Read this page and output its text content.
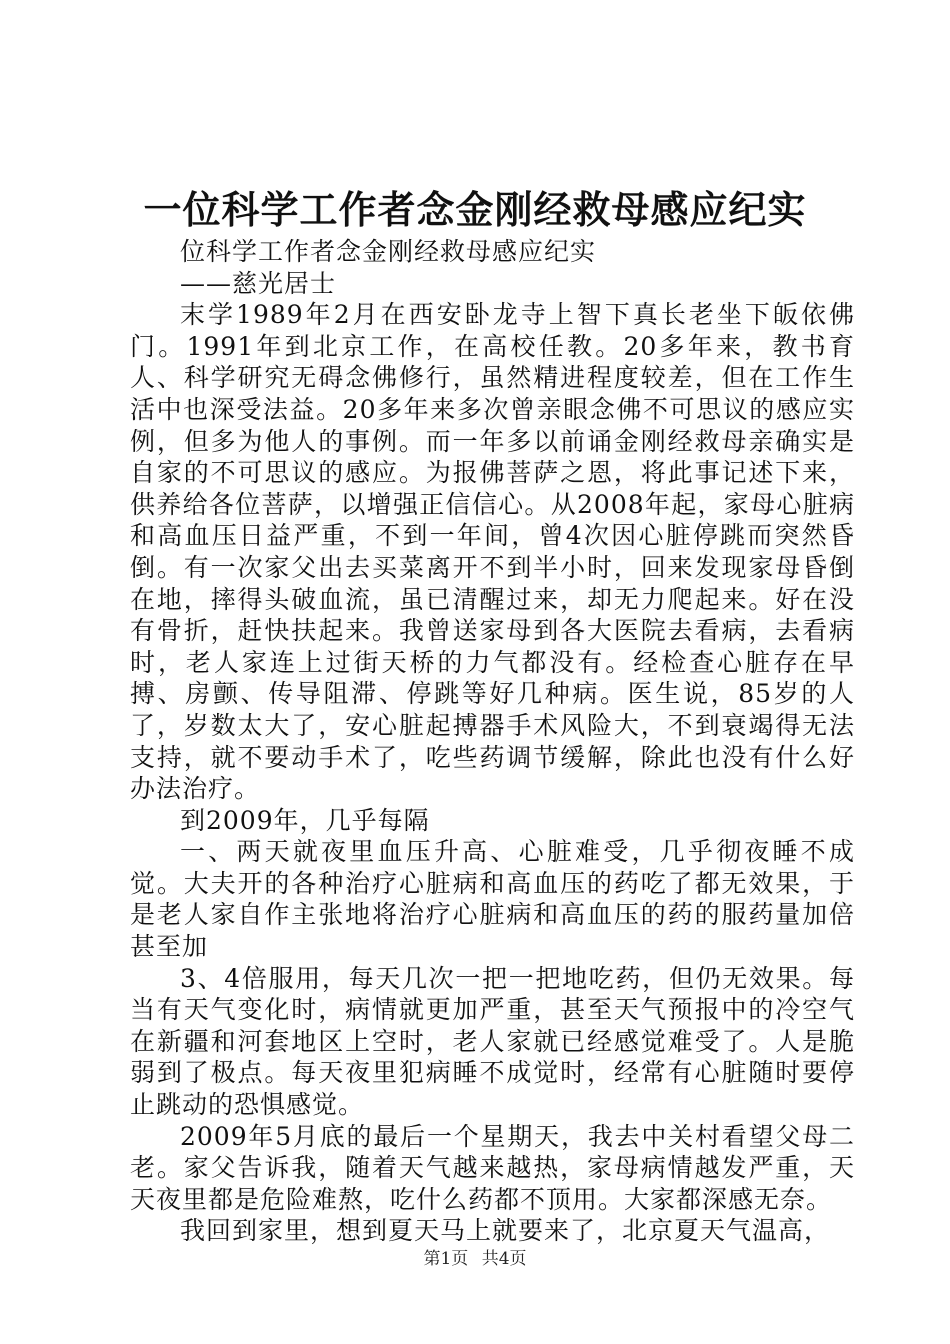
一位科学工作者念金刚经救母感应纪实

位科学工作者念金刚经救母感应纪实

——慈光居士

末学1989年2月在西安卧龙寺上智下真长老坐下皈依佛门。1991年到北京工作，在高校任教。20多年来，教书育人、科学研究无碍念佛修行，虽然精进程度较差，但在工作生活中也深受法益。20多年来多次曾亲眼念佛不可思议的感应实例，但多为他人的事例。而一年多以前诵金刚经救母亲确实是自家的不可思议的感应。为报佛菩萨之恩，将此事记述下来，供养给各位菩萨，以增强正信信心。从2008年起，家母心脏病和高血压日益严重，不到一年间，曾4次因心脏停跳而突然昏倒。有一次家父出去买菜离开不到半小时，回来发现家母昏倒在地，摔得头破血流，虽已清醒过来，却无力爬起来。好在没有骨折，赶快扶起来。我曾送家母到各大医院去看病，去看病时，老人家连上过街天桥的力气都没有。经检查心脏存在早搏、房颤、传导阻滞、停跳等好几种病。医生说，85岁的人了，岁数太大了，安心脏起搏器手术风险大，不到衰竭得无法支持，就不要动手术了，吃些药调节缓解，除此也没有什么好办法治疗。

到2009年，几乎每隔

一、两天就夜里血压升高、心脏难受，几乎彻夜睡不成觉。大夫开的各种治疗心脏病和高血压的药吃了都无效果，于是老人家自作主张地将治疗心脏病和高血压的药的服药量加倍甚至加

3、4倍服用，每天几次一把一把地吃药，但仍无效果。每当有天气变化时，病情就更加严重，甚至天气预报中的冷空气在新疆和河套地区上空时，老人家就已经感觉难受了。人是脆弱到了极点。每天夜里犯病睡不成觉时，经常有心脏随时要停止跳动的恐惧感觉。

2009年5月底的最后一个星期天，我去中关村看望父母二老。家父告诉我，随着天气越来越热，家母病情越发严重，天天夜里都是危险难熬，吃什么药都不顶用。大家都深感无奈。

我回到家里，想到夏天马上就要来了，北京夏天气温高，

第1页 共4页
